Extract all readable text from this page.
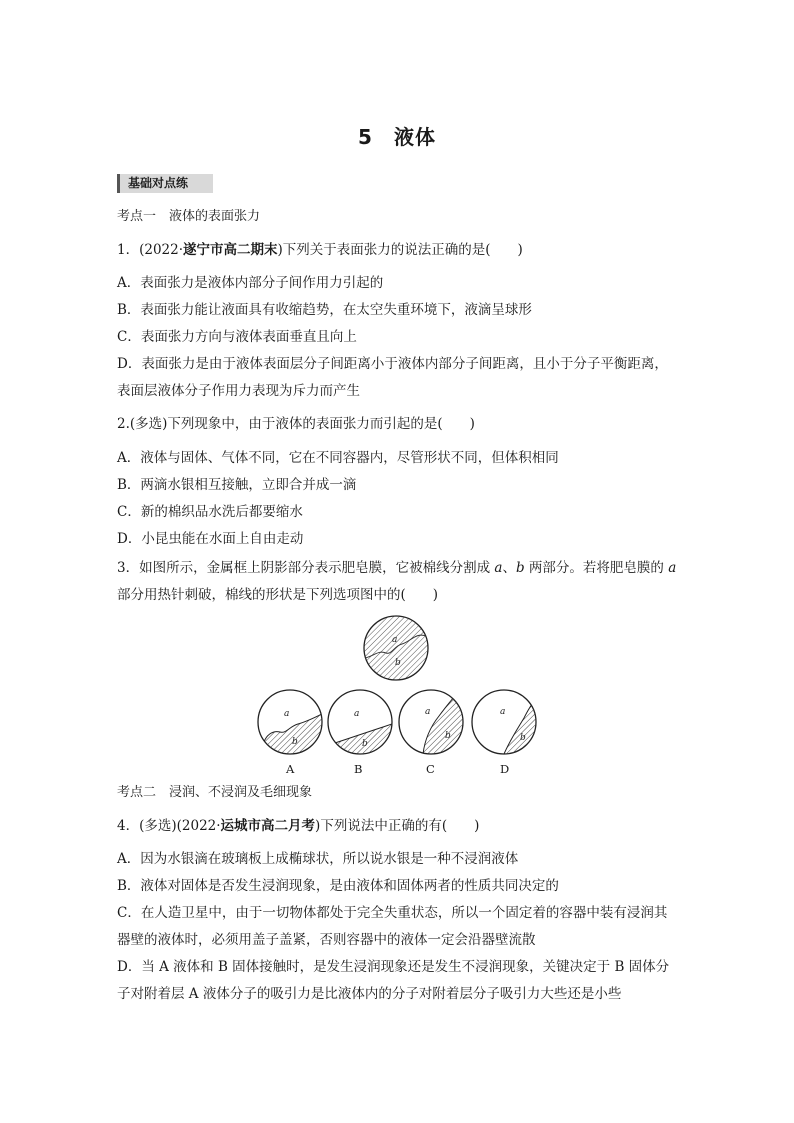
5　液体
基础对点练
考点一　液体的表面张力
1．(2022·遂宁市高二期末)下列关于表面张力的说法正确的是(　　)
A．表面张力是液体内部分子间作用力引起的
B．表面张力能让液面具有收缩趋势，在太空失重环境下，液滴呈球形
C．表面张力方向与液体表面垂直且向上
D．表面张力是由于液体表面层分子间距离小于液体内部分子间距离，且小于分子平衡距离，
表面层液体分子作用力表现为斥力而产生
2.(多选)下列现象中，由于液体的表面张力而引起的是(　　)
A．液体与固体、气体不同，它在不同容器内，尽管形状不同，但体积相同
B．两滴水银相互接触，立即合并成一滴
C．新的棉织品水洗后都要缩水
D．小昆虫能在水面上自由走动
3．如图所示，金属框上阴影部分表示肥皂膜，它被棉线分割成 a、b 两部分。若将肥皂膜的 a
部分用热针刺破，棉线的形状是下列选项图中的(　　)
a
b
a
b
A
a
b
B
a
b
C
a
b
D
考点二　浸润、不浸润及毛细现象
4．(多选)(2022·运城市高二月考)下列说法中正确的有(　　)
A．因为水银滴在玻璃板上成椭球状，所以说水银是一种不浸润液体
B．液体对固体是否发生浸润现象，是由液体和固体两者的性质共同决定的
C．在人造卫星中，由于一切物体都处于完全失重状态，所以一个固定着的容器中装有浸润其
器壁的液体时，必须用盖子盖紧，否则容器中的液体一定会沿器壁流散
D．当 A 液体和 B 固体接触时，是发生浸润现象还是发生不浸润现象，关键决定于 B 固体分
子对附着层 A 液体分子的吸引力是比液体内的分子对附着层分子吸引力大些还是小些
